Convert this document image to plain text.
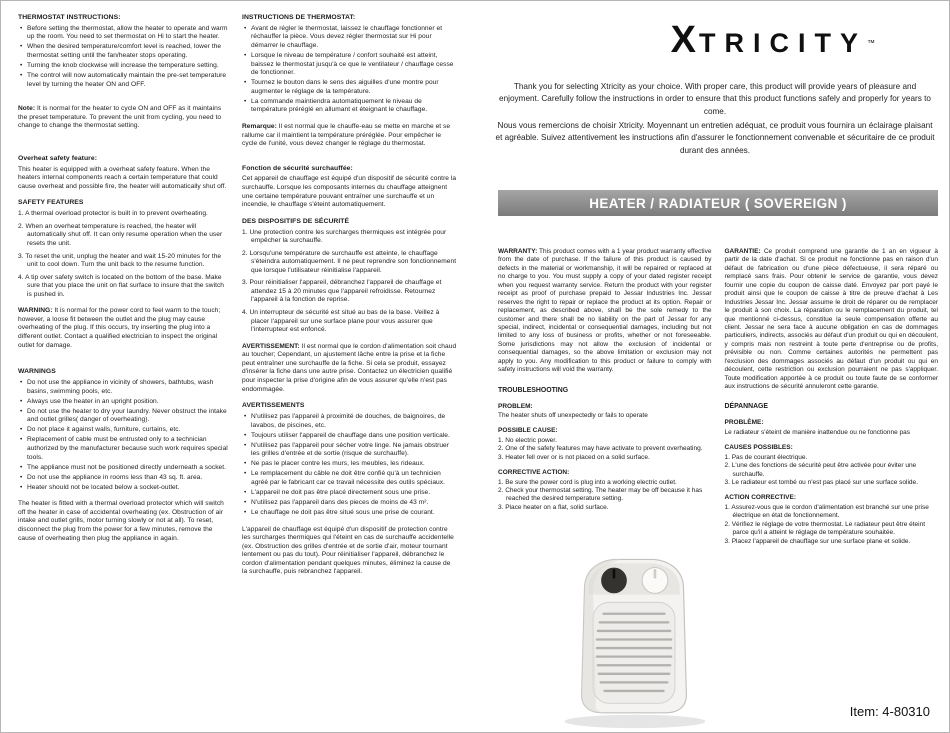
THERMOSTAT INSTRUCTIONS:

• Before setting the thermostat, allow the heater to operate and warm up the room. You need to set thermostat on Hi to start the heater.
• When the desired temperature/comfort level is reached, lower the thermostat setting until the fan/heater stops operating.
• Turning the knob clockwise will increase the temperature setting.
• The control will now automatically maintain the pre-set temperature level by turning the heater ON and OFF.

Note: It is normal for the heater to cycle ON and OFF as it maintains the preset temperature. To prevent the unit from cycling, you need to change to change the thermostat setting.

Overheat safety feature:

This heater is equipped with a overheat safety feature. When the heaters internal components reach a certain temperature that could cause overheat and possible fire, the heater will automatically shut off.

SAFETY FEATURES

1. A thermal overload protector is built in to prevent overheating.
2. When an overheat temperature is reached, the heater will automatically shut off. It can only resume operation when the user resets the unit.
3. To reset the unit, unplug the heater and wait 15-20 minutes for the unit to cool down. Turn the unit back to the resume function.
4. A tip over safety switch is located on the bottom of the base. Make sure that you place the unit on flat surface to insure that the switch is pushed in.

WARNING: It is normal for the power cord to feel warm to the touch; however, a loose fit between the outlet and the plug may cause overheating of the plug. If this occurs, try inserting the plug into a different outlet. Contact a qualified electrician to inspect the original outlet for damage.

WARNINGS

• Do not use the appliance in vicinity of showers, bathtubs, wash basins, swimming pools, etc.
• Always use the heater in an upright position.
• Do not use the heater to dry your laundry. Never obstruct the intake and outlet grilles( danger of overheating).
• Do not place it against walls, furniture, curtains, etc.
• Replacement of cable must be entrusted only to a technician authorized by the manufacturer because such work requires special tools.
• The appliance must not be positioned directly underneath a socket.
• Do not use the appliance in rooms less than 43 sq. ft. area.
• Heater should not be located below a socket-outlet.

The heater is fitted with a thermal overload protector which will switch off the heater in case of accidental overheating (ex. Obstruction of air intake and outlet grills, motor turning slowly or not at all). To reset, disconnect the plug from the power for a few minutes, remove the cause of overheating then plug the appliance in again.

INSTRUCTIONS DE THERMOSTAT:

• Avant de régler le thermostat, laissez le chauffage fonctionner et réchauffer la pièce. Vous devez régler thermostat sur Hi pour démarrer le chauffage.
• Lorsque le niveau de température / confort souhaité est atteint, baissez le thermostat jusqu'à ce que le ventilateur / chauffage cesse de fonctionner.
• Tournez le bouton dans le sens des aiguilles d'une montre pour augmenter le réglage de la température.
• La commande maintiendra automatiquement le niveau de température préréglé en allumant et éteignant le chauffage.

Remarque: Il est normal que le chauffe-eau se mette en marche et se rallume car il maintient la température préréglée. Pour empêcher le cycle de l'unité, vous devez changer le réglage du thermostat.

Fonction de sécurité surchauffée:

Cet appareil de chauffage est équipé d'un dispositif de sécurité contre la surchauffe. Lorsque les composants internes du chauffage atteignent une certaine température pouvant entraîner une surchauffe et un incendie, le chauffage s'éteint automatiquement.

DES DISPOSITIFS DE SÉCURITÉ

1. Une protection contre les surcharges thermiques est intégrée pour empêcher la surchauffe.
2. Lorsqu'une température de surchauffe est atteinte, le chauffage s'éteindra automatiquement. Il ne peut reprendre son fonctionnement que lorsque l'utilisateur réinitialise l'appareil.
3. Pour réinitialiser l'appareil, débranchez l'appareil de chauffage et attendez 15 à 20 minutes que l'appareil refroidisse. Retournez l'appareil à la fonction de reprise.
4. Un interrupteur de sécurité est situé au bas de la base. Veillez à placer l'appareil sur une surface plane pour vous assurer que l'interrupteur est enfoncé.

AVERTISSEMENT: Il est normal que le cordon d'alimentation soit chaud au toucher; Cependant, un ajustement lâche entre la prise et la fiche peut entraîner une surchauffe de la fiche. Si cela se produit, essayez d'insérer la fiche dans une autre prise. Contactez un électricien qualifié pour inspecter la prise d'origine afin de vous assurer qu'elle n'est pas endommagée.

AVERTISSEMENTS

• N'utilisez pas l'appareil à proximité de douches, de baignoires, de lavabos, de piscines, etc.
• Toujours utiliser l'appareil de chauffage dans une position verticale.
• N'utilisez pas l'appareil pour sécher votre linge. Ne jamais obstruer les grilles d'entrée et de sortie (risque de surchauffe).
• Ne pas le placer contre les murs, les meubles, les rideaux.
• Le remplacement du câble ne doit être confié qu'à un technicien agréé par le fabricant car ce travail nécessite des outils spéciaux.
• L'appareil ne doit pas être placé directement sous une prise.
• N'utilisez pas l'appareil dans des pieces de moins de 43 m².
• Le chauffage ne doit pas être situé sous une prise de courant.

L'appareil de chauffage est équipé d'un dispositif de protection contre les surcharges thermiques qui l'éteint en cas de surchauffe accidentelle (ex. Obstruction des grilles d'entrée et de sortie d'air, moteur tournant lentement ou pas du tout). Pour réinitialiser l'appareil, débranchez le cordon d'alimentation pendant quelques minutes, éliminez la cause de la surchauffe, puis rebranchez l'appareil.

XTRICITY™

Thank you for selecting Xtricity as your choice. With proper care, this product will provide years of pleasure and enjoyment. Carefully follow the instructions in order to ensure that this product functions safely and properly for years to come.

Nous vous remercions de choisir Xtricity. Moyennant un entretien adéquat, ce produit vous fournira un éclairage plaisant et agréable. Suivez attentivement les instructions afin d'assurer le fonctionnement convenable et sécuritaire de ce produit durant des années.

HEATER / RADIATEUR ( SOVEREIGN )

WARRANTY: This product comes with a 1 year product warranty effective from the date of purchase. If the failure of this product is caused by defects in the material or workmanship, it will be repaired or replaced at no charge to you. You must supply a copy of your dated register receipt when you request warranty service. Return the product with your register receipt as proof of purchase prepaid to Jessar Industries Inc. Jessar reserves the right to repair or replace the product at its option. Repair or replacement, as described above, shall be the sole remedy to the customer and there shall be no liability on the part of Jessar for any special, indirect, incidental or consequential damages, including but not limited to any loss of business or profits, whether or not foreseeable. Some jurisdictions may not allow the exclusion of incidental or consequential damages, so the above limitation or exclusion may not apply to you. Any modification to this product or failure to comply with safety instructions will void the warranty.

TROUBLESHOOTING

PROBLEM:

The heater shuts off unexpectedly or fails to operate

POSSIBLE CAUSE:

1. No electric power.
2. One of the safety features may have activate to prevent overheating.
3. Heater fell over or is not placed on a solid surface.

CORRECTIVE ACTION:

1. Be sure the power cord is plug into a working electric outlet.
2. Check your thermostat setting. The heater may be off because it has reached the desired temperature setting.
3. Place heater on a flat, solid surface.

GARANTIE: Ce produit comprend une garantie de 1 an en vigueur à partir de la date d'achat. Si ce produit ne fonctionne pas en raison d'un défaut de fabrication ou d'une pièce défectueuse, il sera réparé ou remplacé sans frais. Pour obtenir le service de garantie, vous devez fournir une copie du coupon de caisse daté. Envoyez par port payé le produit ainsi que le coupon de caisse à titre de preuve d'achat à Les Industries Jessar Inc. Jessar assume le droit de réparer ou de remplacer le produit à son choix. La réparation ou le remplacement du produit, tel que mentionné ci-dessus, constitue la seule compensation offerte au client. Jessar ne sera face à aucune obligation en cas de dommages particuliers, indirects, associés au défaut d'un produit ou qui en découlent, y compris mais non restreint à toute perte d'entreprise ou de profits, prévisible ou non. Comme certaines autorités ne permettent pas l'exclusion des dommages associés au défaut d'un produit ou qui en découlent, cette restriction ou exclusion pourraient ne pas s'appliquer. Toute modification apportée à ce produit ou toute faute de se conformer aux instructions de sécurité annuleront cette garantie.

DÉPANNAGE

PROBLÈME:

Le radiateur s'éteint de manière inattendue ou ne fonctionne pas

CAUSES POSSIBLES:

1. Pas de courant électrique.
2. L'une des fonctions de sécurité peut être activée pour éviter une surchauffe.
3. Le radiateur est tombé ou n'est pas placé sur une surface solide.

ACTION CORRECTIVE:

1. Assurez-vous que le cordon d'alimentation est branché sur une prise électrique en état de fonctionnement.
2. Vérifiez le réglage de votre thermostat. Le radiateur peut être éteint parce qu'il a atteint le réglage de température souhaitée.
3. Placez l'appareil de chauffage sur une surface plane et solide.

Item: 4-80310
